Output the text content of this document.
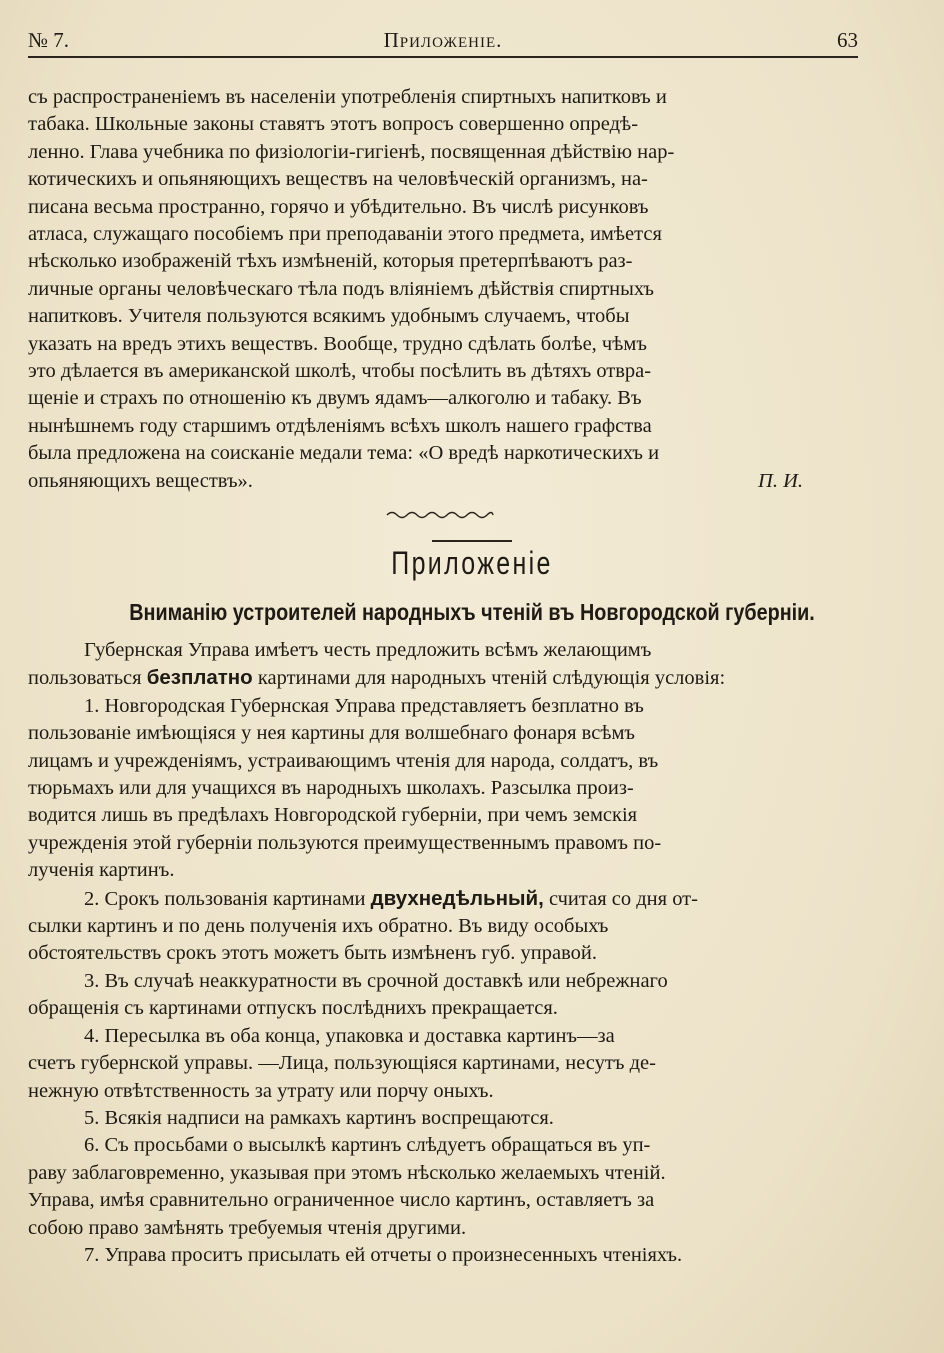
№ 7.	Приложеніе.	63

съ распространеніемъ въ населеніи употребленія спиртныхъ напитковъ и

табака. Школьные законы ставятъ этотъ вопросъ совершенно опредѣ-

ленно. Глава учебника по физіологіи-гигіенѣ, посвященная дѣйствію нар-

котическихъ и опьяняющихъ веществъ на человѣческій организмъ, на-

писана весьма пространно, горячо и убѣдительно. Въ числѣ рисунковъ

атласа, служащаго пособіемъ при преподаваніи этого предмета, имѣется

нѣсколько изображеній тѣхъ измѣненій, которыя претерпѣваютъ раз-

личные органы человѣческаго тѣла подъ вліяніемъ дѣйствія спиртныхъ

напитковъ. Учителя пользуются всякимъ удобнымъ случаемъ, чтобы

указать на вредъ этихъ веществъ. Вообще, трудно сдѣлать болѣе, чѣмъ

это дѣлается въ американской школѣ, чтобы посѣлить въ дѣтяхъ отвра-

щеніе и страхъ по отношенію къ двумъ ядамъ—алкоголю и табаку. Въ

нынѣшнемъ году старшимъ отдѣленіямъ всѣхъ школъ нашего графства

была предложена на соисканіе медали тема: «О вредѣ наркотическихъ и

опьяняющихъ веществъ».	П. И.

Приложеніе
Вниманію устроителей народныхъ чтеній въ Новгородской губерніи.

Губернская Управа имѣетъ честь предложить всѣмъ желающимъ

пользоваться безплатно картинами для народныхъ чтеній слѣдующія условія:

1. Новгородская Губернская Управа представляетъ безплатно въ

пользованіе имѣющіяся у нея картины для волшебнаго фонаря всѣмъ

лицамъ и учрежденіямъ, устраивающимъ чтенія для народа, солдатъ, въ

тюрьмахъ или для учащихся въ народныхъ школахъ. Разсылка произ-

водится лишь въ предѣлахъ Новгородской губерніи, при чемъ земскія

учрежденія этой губерніи пользуются преимущественнымъ правомъ по-

лученія картинъ.

2. Срокъ пользованія картинами двухнедѣльный, считая со дня от-

сылки картинъ и по день полученія ихъ обратно. Въ виду особыхъ

обстоятельствъ срокъ этотъ можетъ быть измѣненъ губ. управой.

3. Въ случаѣ неаккуратности въ срочной доставкѣ или небрежнаго

обращенія съ картинами отпускъ послѣднихъ прекращается.

4. Пересылка въ оба конца, упаковка и доставка картинъ—за

счетъ губернской управы. —Лица, пользующіяся картинами, несутъ де-

нежную отвѣтственность за утрату или порчу оныхъ.

5. Всякія надписи на рамкахъ картинъ воспрещаются.

6. Съ просьбами о высылкѣ картинъ слѣдуетъ обращаться въ уп-

раву заблаговременно, указывая при этомъ нѣсколько желаемыхъ чтеній.

Управа, имѣя сравнительно ограниченное число картинъ, оставляетъ за

собою право замѣнять требуемыя чтенія другими.

7. Управа проситъ присылать ей отчеты о произнесенныхъ чтеніяхъ.
